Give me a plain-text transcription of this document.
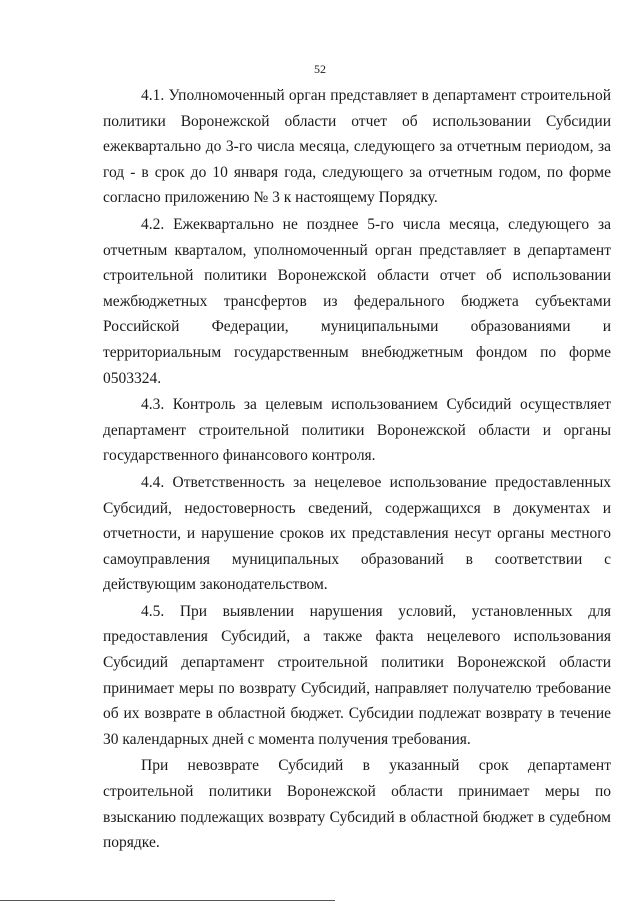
52

4.1. Уполномоченный орган представляет в департамент строительной политики Воронежской области отчет об использовании Субсидии ежеквартально до 3-го числа месяца, следующего за отчетным периодом, за год - в срок до 10 января года, следующего за отчетным годом, по форме согласно приложению № 3 к настоящему Порядку.

4.2. Ежеквартально не позднее 5-го числа месяца, следующего за отчетным кварталом, уполномоченный орган представляет в департамент строительной политики Воронежской области отчет об использовании межбюджетных трансфертов из федерального бюджета субъектами Российской Федерации, муниципальными образованиями и территориальным государственным внебюджетным фондом по форме 0503324.

4.3. Контроль за целевым использованием Субсидий осуществляет департамент строительной политики Воронежской области и органы государственного финансового контроля.

4.4. Ответственность за нецелевое использование предоставленных Субсидий, недостоверность сведений, содержащихся в документах и отчетности, и нарушение сроков их представления несут органы местного самоуправления муниципальных образований в соответствии с действующим законодательством.

4.5. При выявлении нарушения условий, установленных для предоставления Субсидий, а также факта нецелевого использования Субсидий департамент строительной политики Воронежской области принимает меры по возврату Субсидий, направляет получателю требование об их возврате в областной бюджет. Субсидии подлежат возврату в течение 30 календарных дней с момента получения требования.

При невозврате Субсидий в указанный срок департамент строительной политики Воронежской области принимает меры по взысканию подлежащих возврату Субсидий в областной бюджет в судебном порядке.
